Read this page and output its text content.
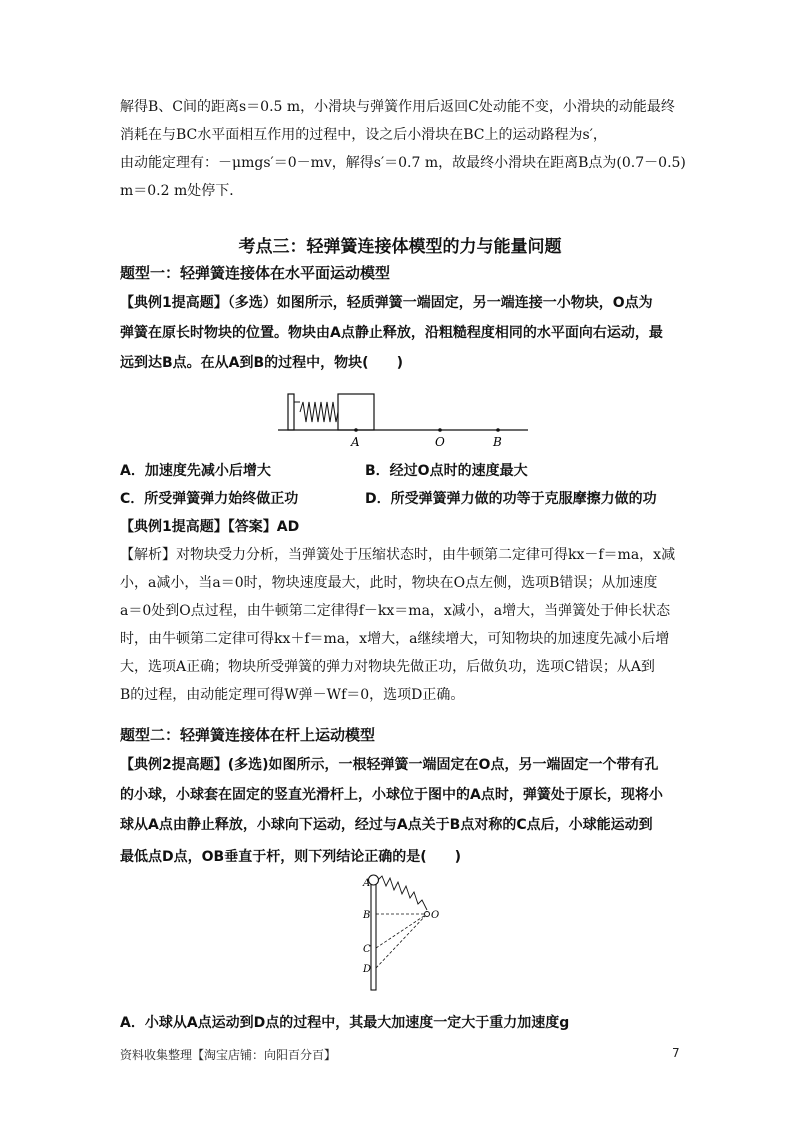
解得B、C间的距离s＝0.5 m，小滑块与弹簧作用后返回C处动能不变，小滑块的动能最终
消耗在与BC水平面相互作用的过程中，设之后小滑块在BC上的运动路程为s′，
由动能定理有：－μmgs′＝0－mv，解得s′＝0.7 m，故最终小滑块在距离B点为(0.7－0.5)
m＝0.2 m处停下．
考点三：轻弹簧连接体模型的力与能量问题
题型一：轻弹簧连接体在水平面运动模型
【典例1提高题】（多选）如图所示，轻质弹簧一端固定，另一端连接一小物块，O点为
弹簧在原长时物块的位置。物块由A点静止释放，沿粗糙程度相同的水平面向右运动，最
远到达B点。在从A到B的过程中，物块(　　)
A	O	B
A．加速度先减小后增大	B．经过O点时的速度最大
C．所受弹簧弹力始终做正功	D．所受弹簧弹力做的功等于克服摩擦力做的功
【典例1提高题】【答案】AD
【解析】对物块受力分析，当弹簧处于压缩状态时，由牛顿第二定律可得kx－f＝ma，x减
小，a减小，当a＝0时，物块速度最大，此时，物块在O点左侧，选项B错误；从加速度
a＝0处到O点过程，由牛顿第二定律得f－kx＝ma，x减小，a增大，当弹簧处于伸长状态
时，由牛顿第二定律可得kx＋f＝ma，x增大，a继续增大，可知物块的加速度先减小后增
大，选项A正确；物块所受弹簧的弹力对物块先做正功，后做负功，选项C错误；从A到
B的过程，由动能定理可得W弹－Wf＝0，选项D正确。
题型二：轻弹簧连接体在杆上运动模型
【典例2提高题】(多选)如图所示，一根轻弹簧一端固定在O点，另一端固定一个带有孔
的小球，小球套在固定的竖直光滑杆上，小球位于图中的A点时，弹簧处于原长，现将小
球从A点由静止释放，小球向下运动，经过与A点关于B点对称的C点后，小球能运动到
最低点D点，OB垂直于杆，则下列结论正确的是(　　)
A
B
C
D
O
A．小球从A点运动到D点的过程中，其最大加速度一定大于重力加速度g
资料收集整理【淘宝店铺：向阳百分百】	7
